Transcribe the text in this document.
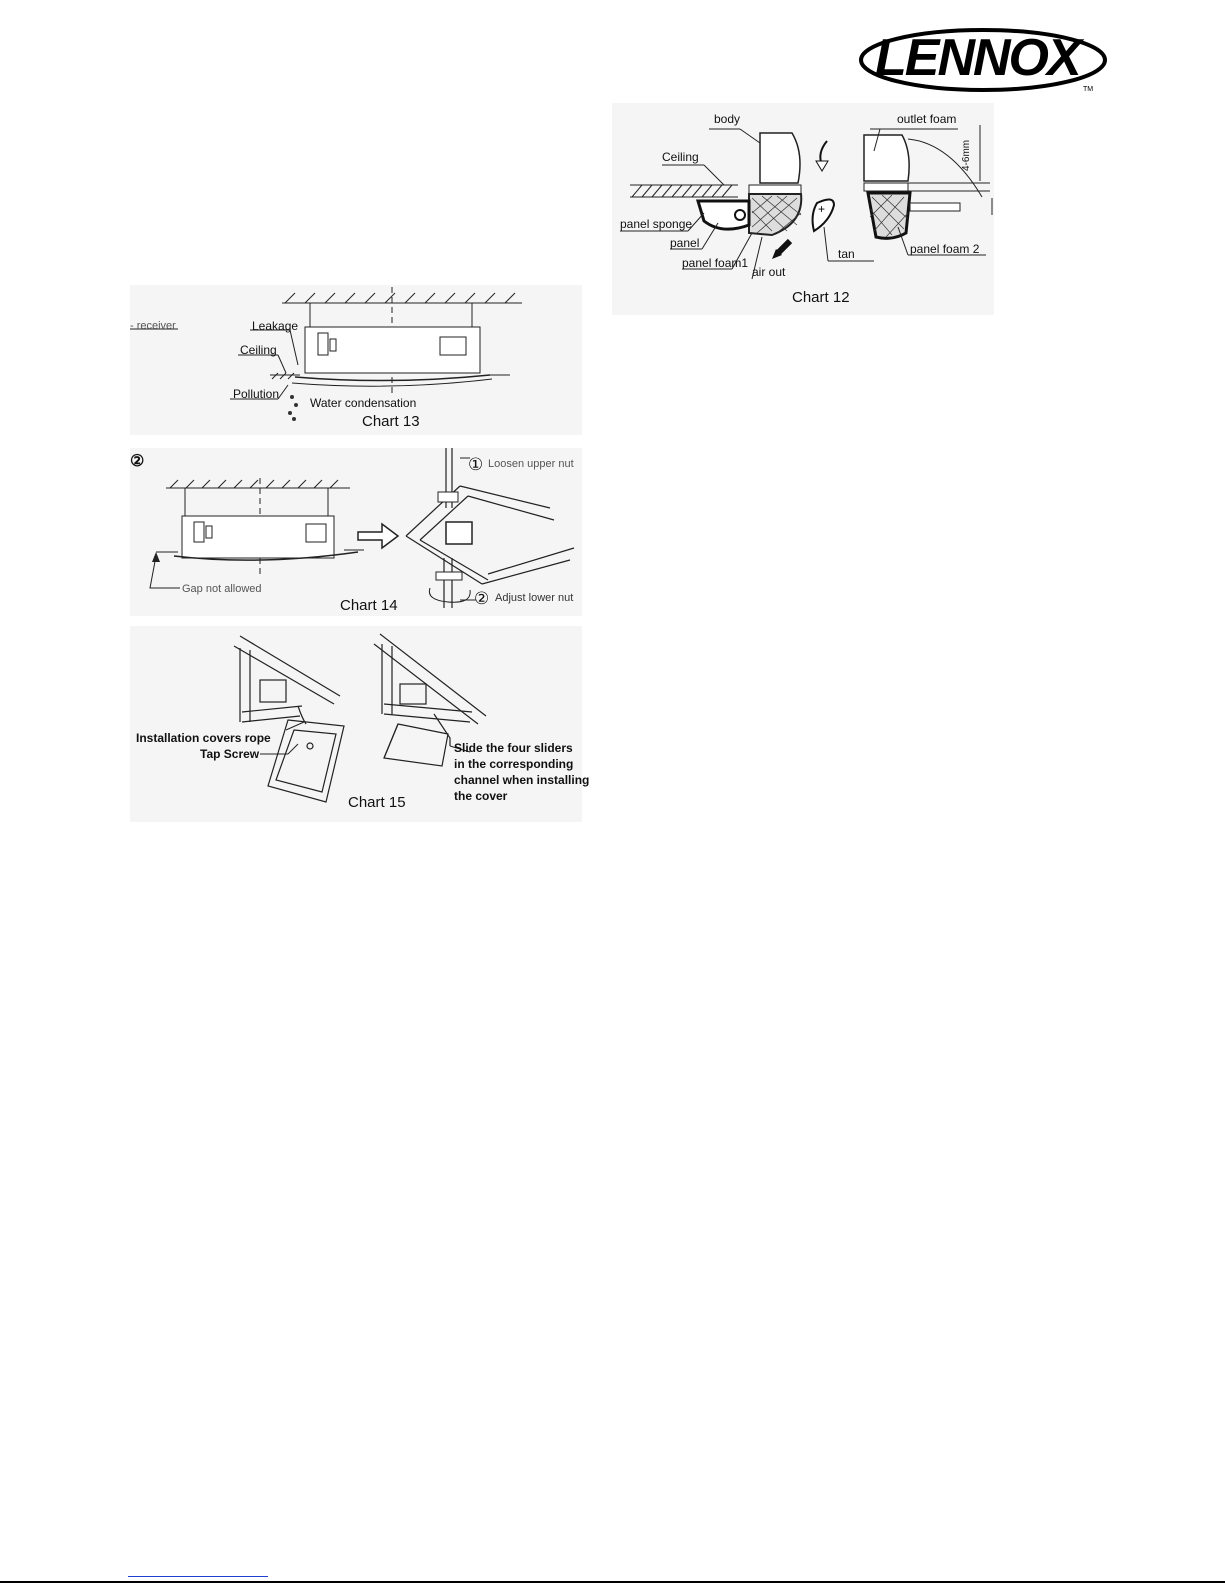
LENNOX
TM
+
body
Ceiling
panel sponge
panel
panel foam1
air out
tan
outlet foam
panel foam 2
4-6mm
Chart 12
- receiver	Leakage
Ceiling
Pollution
Water condensation
Chart 13
②
Gap not allowed
① Loosen upper nut
② Adjust lower nut
Chart 14
Installation covers rope
Tap Screw	Slide the four sliders
in the corresponding
channel when installing
the cover
Chart 15
